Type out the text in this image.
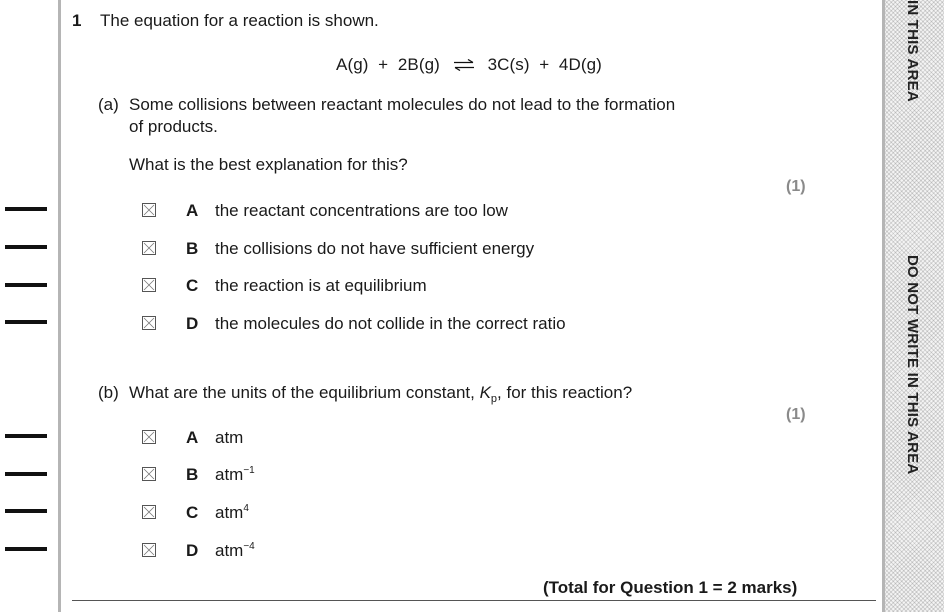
IN THIS AREA
DO NOT WRITE IN THIS AREA
1 The equation for a reaction is shown.
A(g)  +  2B(g) ⇌ 3C(s)  +  4D(g)
(a) Some collisions between reactant molecules do not lead to the formation
of products.
What is the best explanation for this?
(1)
A the reactant concentrations are too low
B the collisions do not have sufficient energy
C the reaction is at equilibrium
D the molecules do not collide in the correct ratio
(b) What are the units of the equilibrium constant, $K_p$, for this reaction?
(1)
A atm
B atm$^{-1}$
C atm$^4$
D atm$^{-4}$
(Total for Question 1 = 2 marks)
